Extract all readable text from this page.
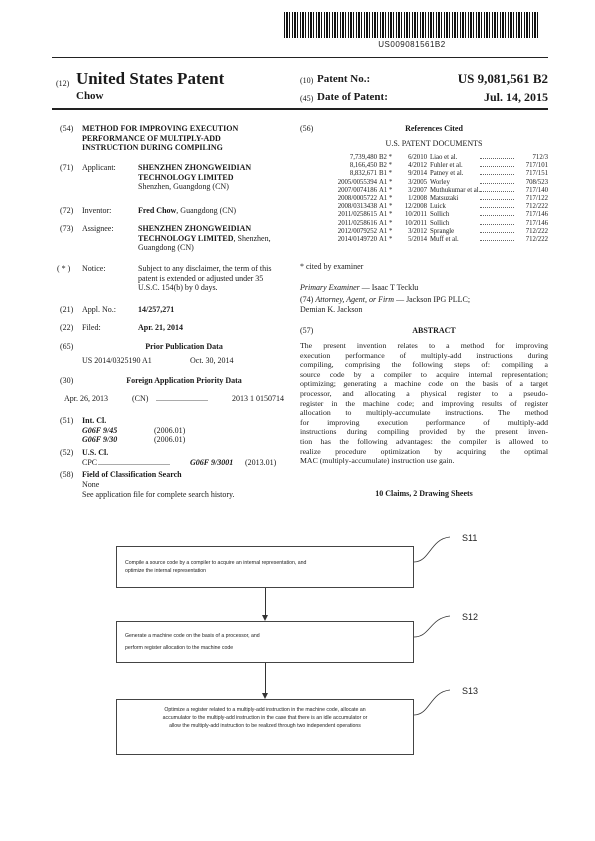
US009081561B2
(12) United States Patent
Chow
(10) Patent No.:	US 9,081,561 B2
(45) Date of Patent:	Jul. 14, 2015
(54) METHOD FOR IMPROVING EXECUTION
PERFORMANCE OF MULTIPLY-ADD
INSTRUCTION DURING COMPILING
(71) Applicant:	SHENZHEN ZHONGWEIDIAN
TECHNOLOGY LIMITED
Shenzhen, Guangdong (CN)
(72) Inventor:	Fred Chow, Guangdong (CN)
(73) Assignee:	SHENZHEN ZHONGWEIDIAN
TECHNOLOGY LIMITED, Shenzhen,
Guangdong (CN)
( * ) Notice:	Subject to any disclaimer, the term of this
patent is extended or adjusted under 35
U.S.C. 154(b) by 0 days.
(21) Appl. No.:	14/257,271
(22) Filed:	Apr. 21, 2014
(65)	Prior Publication Data
US 2014/0325190 A1	Oct. 30, 2014
(30)	Foreign Application Priority Data
Apr. 26, 2013	(CN) ..........................	2013 1 0150714
(51) Int. Cl.
G06F 9/45	(2006.01)
G06F 9/30	(2006.01)
(52) U.S. Cl.
CPC ....................................	G06F 9/3001 (2013.01)
(58) Field of Classification Search
None
See application file for complete search history.
(56)	References Cited
U.S. PATENT DOCUMENTS
7,739,480 B2 *	6/2010 Liao et al.	712/3
8,166,450 B2 *	4/2012 Fuhler et al.	717/101
8,832,671 B1 *	9/2014 Patney et al.	717/151
2005/0055394 A1 *	3/2005 Worley	708/523
2007/0074186 A1 *	3/2007 Muthukumar et al.	717/140
2008/0005722 A1 *	1/2008 Matsuzaki	717/122
2008/0313438 A1 *	12/2008 Luick	712/222
2011/0258615 A1 *	10/2011 Sollich	717/146
2011/0258616 A1 *	10/2011 Sollich	717/146
2012/0079252 A1 *	3/2012 Sprangle	712/222
2014/0149720 A1 *	5/2014 Muff et al.	712/222
* cited by examiner
Primary Examiner — Isaac T Tecklu
(74) Attorney, Agent, or Firm — Jackson IPG PLLC;
Demian K. Jackson
(57)	ABSTRACT
The present invention relates to a method for improving
execution performance of multiply-add instructions during
compiling, comprising the following steps of: compiling a
source code by a compiler to acquire internal representation;
optimizing; generating a machine code on the basis of a target
processor, and allocating a physical register to a pseudo-
register in the machine code; and improving results of register
allocation to multiply-accumulate instructions. The method
for improving execution performance of multiply-add
instructions during compiling provided by the present inven-
tion has the following advantages: the compiler is allowed to
realize procedure optimization by acquiring the optimal
MAC (multiply-accumulate) instruction use gain.
10 Claims, 2 Drawing Sheets
Compile a source code by a compiler to acquire an internal representation, and
optimize the internal representation
S11
Generate a machine code on the basis of a processor, and
perform register allocation to the machine code
S12
Optimize a register related to a multiply-add instruction in the machine code, allocate an
accumulator to the multiply-add instruction in the case that there is an idle accumulator or
allow the multiply-add instruction to be realized through two independent operations
S13
